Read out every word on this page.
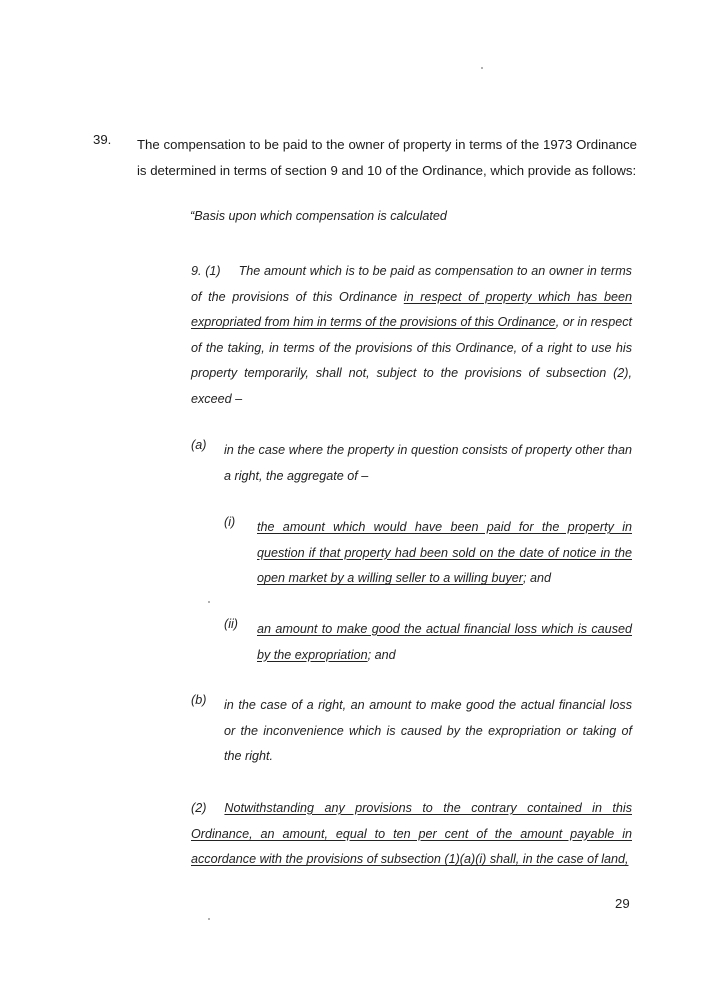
39. The compensation to be paid to the owner of property in terms of the 1973 Ordinance is determined in terms of section 9 and 10 of the Ordinance, which provide as follows:
“Basis upon which compensation is calculated
9. (1) The amount which is to be paid as compensation to an owner in terms of the provisions of this Ordinance in respect of property which has been expropriated from him in terms of the provisions of this Ordinance, or in respect of the taking, in terms of the provisions of this Ordinance, of a right to use his property temporarily, shall not, subject to the provisions of subsection (2), exceed –
(a) in the case where the property in question consists of property other than a right, the aggregate of –
(i) the amount which would have been paid for the property in question if that property had been sold on the date of notice in the open market by a willing seller to a willing buyer; and
(ii) an amount to make good the actual financial loss which is caused by the expropriation; and
(b) in the case of a right, an amount to make good the actual financial loss or the inconvenience which is caused by the expropriation or taking of the right.
(2) Notwithstanding any provisions to the contrary contained in this Ordinance, an amount, equal to ten per cent of the amount payable in accordance with the provisions of subsection (1)(a)(i) shall, in the case of land,
29
